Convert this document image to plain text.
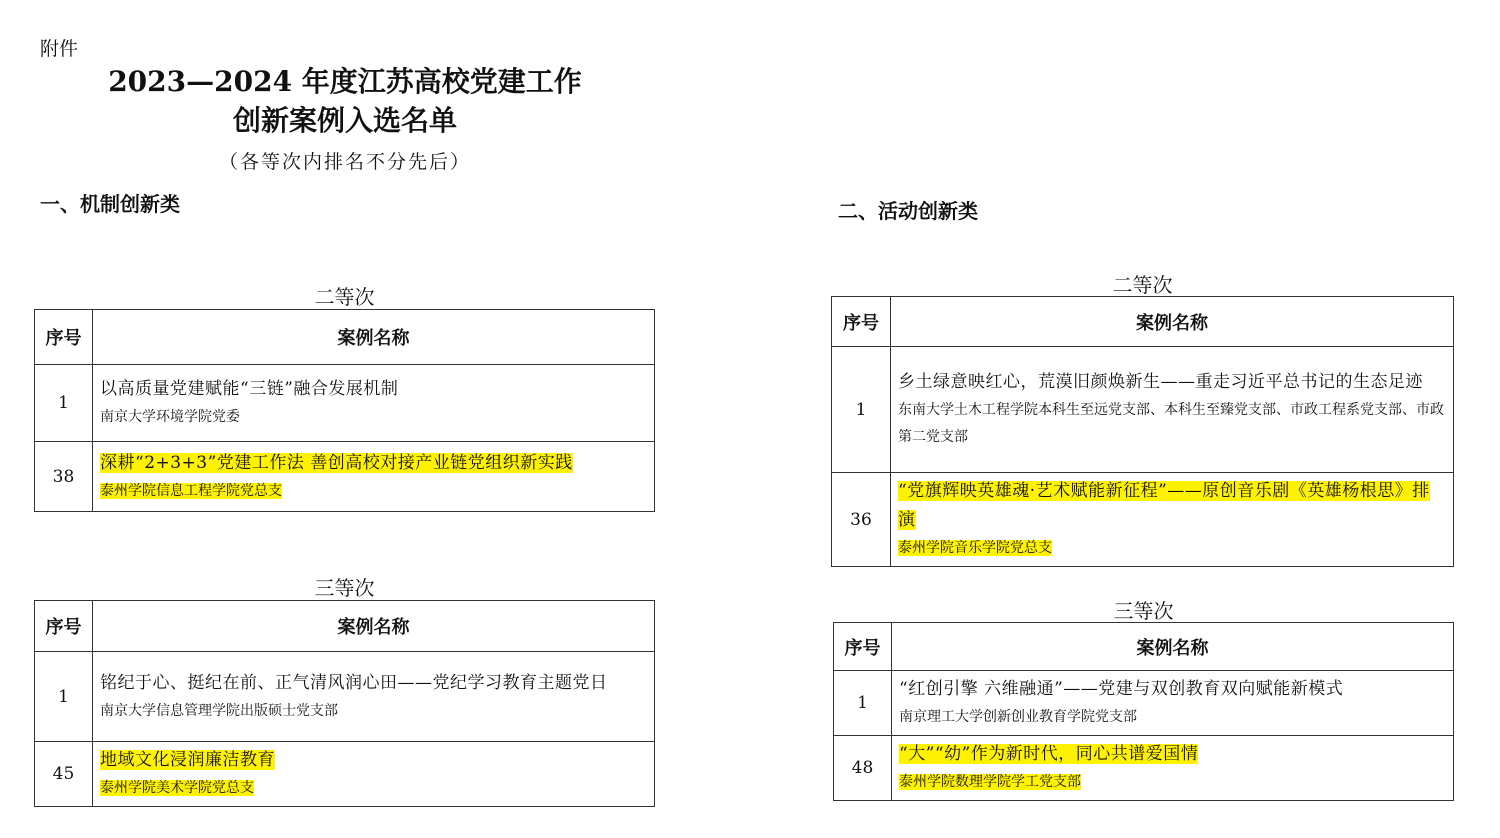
附件
2023—2024 年度江苏高校党建工作
创新案例入选名单
（各等次内排名不分先后）
一、机制创新类
二等次
序号	案例名称
1	以高质量党建赋能“三链”融合发展机制
南京大学环境学院党委

38	深耕“2+3+3”党建工作法 善创高校对接产业链党组织新实践
泰州学院信息工程学院党总支
三等次
序号	案例名称
1	铭纪于心、挺纪在前、正气清风润心田——党纪学习教育主题党日
南京大学信息管理学院出版硕士党支部

45	地域文化浸润廉洁教育
泰州学院美术学院党总支
二、活动创新类
二等次
序号	案例名称
1	乡土绿意映红心，荒漠旧颜焕新生——重走习近平总书记的生态足迹
东南大学土木工程学院本科生至远党支部、本科生至臻党支部、市政工程系党支部、市政第二党支部

36	“党旗辉映英雄魂·艺术赋能新征程”——原创音乐剧《英雄杨根思》排演
泰州学院音乐学院党总支
三等次
序号	案例名称
1	“红创引擎 六维融通”——党建与双创教育双向赋能新模式
南京理工大学创新创业教育学院党支部

48	“大”“幼”作为新时代，同心共谱爱国情
泰州学院数理学院学工党支部
